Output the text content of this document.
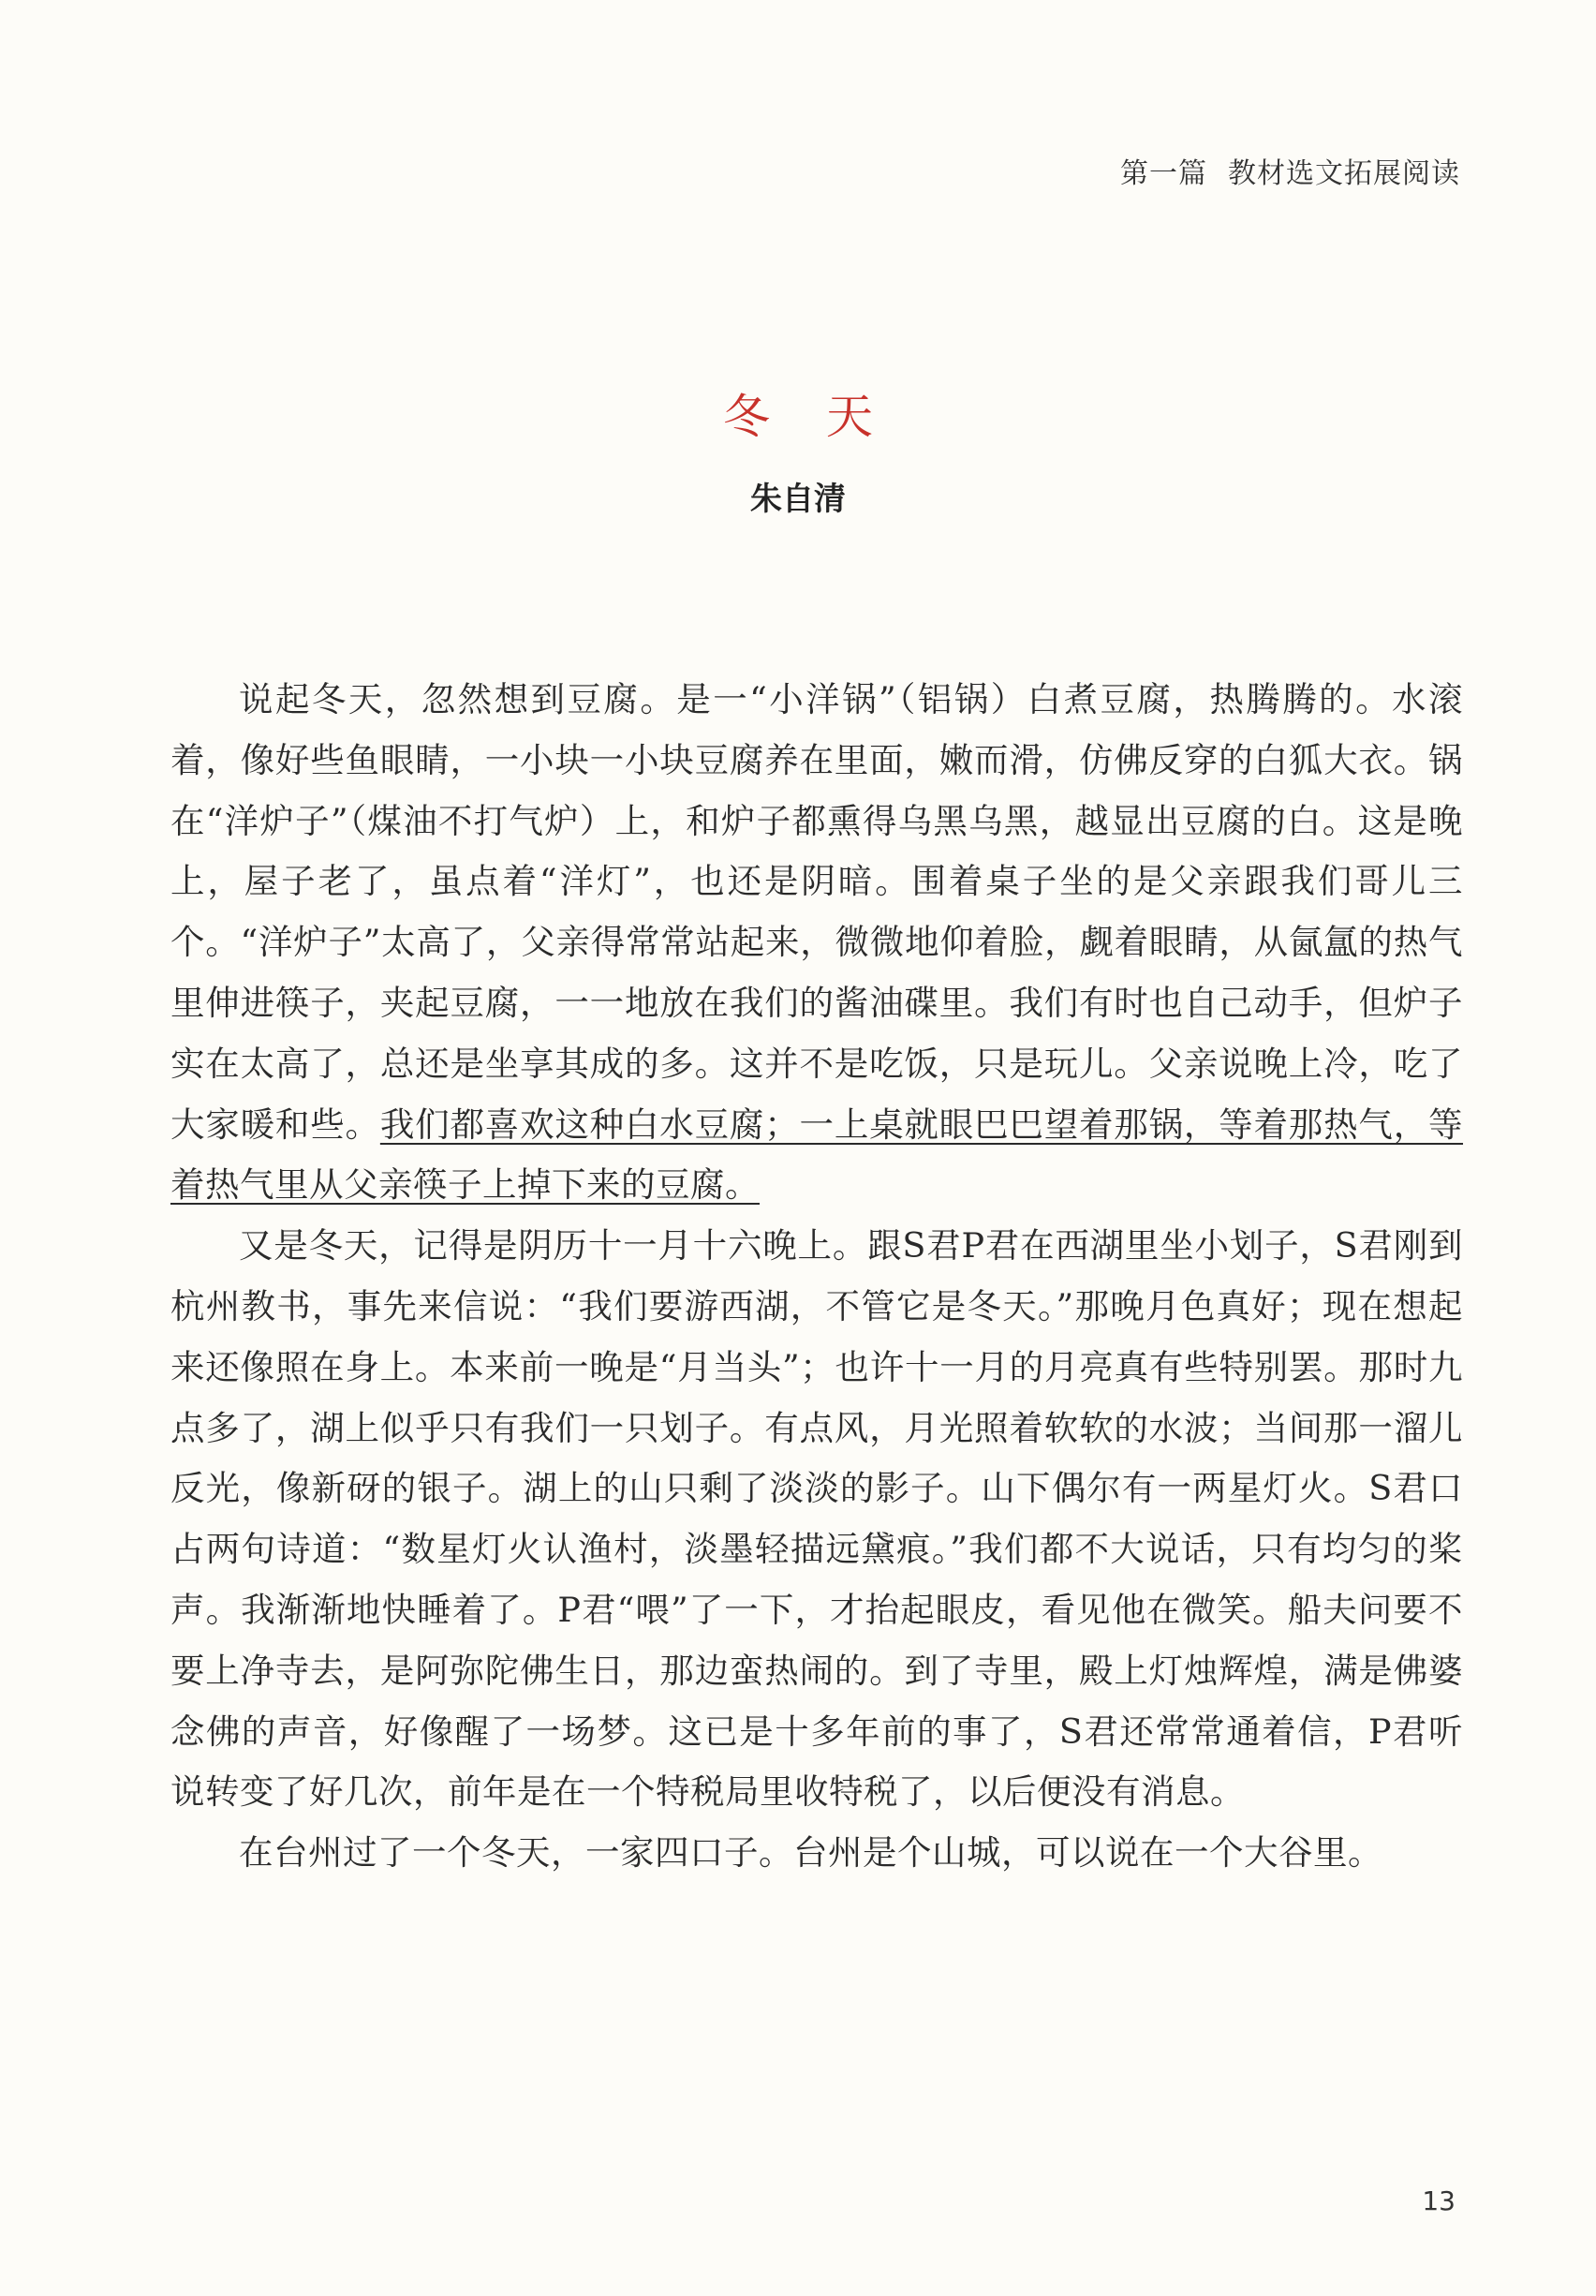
第一篇 教材选文拓展阅读
冬 天
朱自清

说起冬天，忽然想到豆腐。是一“小洋锅”（铝锅）白煮豆腐，热腾腾的。水滚着，像好些鱼眼睛，一小块一小块豆腐养在里面，嫩而滑，仿佛反穿的白狐大衣。锅在“洋炉子”（煤油不打气炉）上，和炉子都熏得乌黑乌黑，越显出豆腐的白。这是晚上，屋子老了，虽点着“洋灯”，也还是阴暗。围着桌子坐的是父亲跟我们哥儿三个。“洋炉子”太高了，父亲得常常站起来，微微地仰着脸，觑着眼睛，从氤氲的热气里伸进筷子，夹起豆腐，一一地放在我们的酱油碟里。我们有时也自己动手，但炉子实在太高了，总还是坐享其成的多。这并不是吃饭，只是玩儿。父亲说晚上冷，吃了大家暖和些。我们都喜欢这种白水豆腐；一上桌就眼巴巴望着那锅，等着那热气，等着热气里从父亲筷子上掉下来的豆腐。

又是冬天，记得是阴历十一月十六晚上。跟S君P君在西湖里坐小划子，S君刚到杭州教书，事先来信说：“我们要游西湖，不管它是冬天。”那晚月色真好；现在想起来还像照在身上。本来前一晚是“月当头”；也许十一月的月亮真有些特别罢。那时九点多了，湖上似乎只有我们一只划子。有点风，月光照着软软的水波；当间那一溜儿反光，像新砑的银子。湖上的山只剩了淡淡的影子。山下偶尔有一两星灯火。S君口占两句诗道：“数星灯火认渔村，淡墨轻描远黛痕。”我们都不大说话，只有均匀的桨声。我渐渐地快睡着了。P君“喂”了一下，才抬起眼皮，看见他在微笑。船夫问要不要上净寺去，是阿弥陀佛生日，那边蛮热闹的。到了寺里，殿上灯烛辉煌，满是佛婆念佛的声音，好像醒了一场梦。这已是十多年前的事了，S君还常常通着信，P君听说转变了好几次，前年是在一个特税局里收特税了，以后便没有消息。

在台州过了一个冬天，一家四口子。台州是个山城，可以说在一个大谷里。

13
